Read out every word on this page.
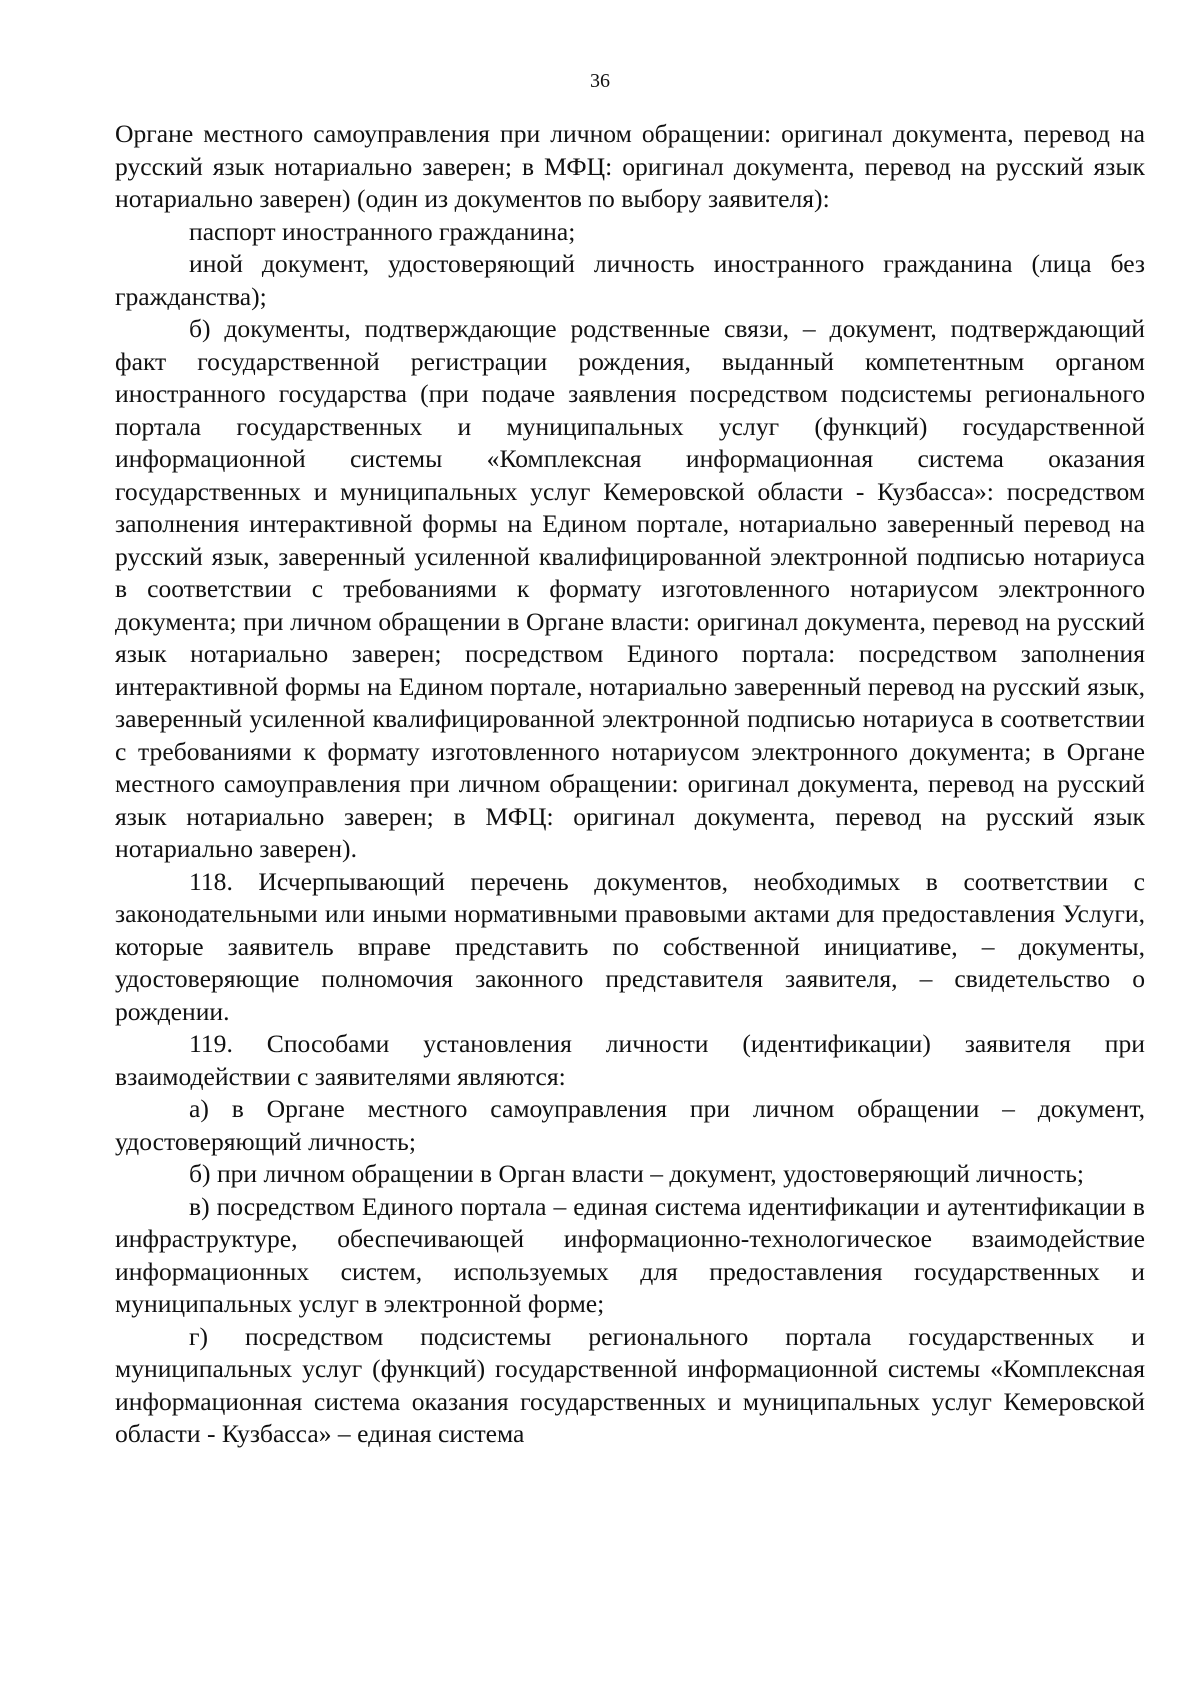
36

Органе местного самоуправления при личном обращении: оригинал документа, перевод на русский язык нотариально заверен; в МФЦ: оригинал документа, перевод на русский язык нотариально заверен) (один из документов по выбору заявителя):

паспорт иностранного гражданина;

иной документ, удостоверяющий личность иностранного гражданина (лица без гражданства);

б) документы, подтверждающие родственные связи, – документ, подтверждающий факт государственной регистрации рождения, выданный компетентным органом иностранного государства (при подаче заявления посредством подсистемы регионального портала государственных и муниципальных услуг (функций) государственной информационной системы «Комплексная информационная система оказания государственных и муниципальных услуг Кемеровской области - Кузбасса»: посредством заполнения интерактивной формы на Едином портале, нотариально заверенный перевод на русский язык, заверенный усиленной квалифицированной электронной подписью нотариуса в соответствии с требованиями к формату изготовленного нотариусом электронного документа; при личном обращении в Органе власти: оригинал документа, перевод на русский язык нотариально заверен; посредством Единого портала: посредством заполнения интерактивной формы на Едином портале, нотариально заверенный перевод на русский язык, заверенный усиленной квалифицированной электронной подписью нотариуса в соответствии с требованиями к формату изготовленного нотариусом электронного документа; в Органе местного самоуправления при личном обращении: оригинал документа, перевод на русский язык нотариально заверен; в МФЦ: оригинал документа, перевод на русский язык нотариально заверен).

118. Исчерпывающий перечень документов, необходимых в соответствии с законодательными или иными нормативными правовыми актами для предоставления Услуги, которые заявитель вправе представить по собственной инициативе, – документы, удостоверяющие полномочия законного представителя заявителя, – свидетельство о рождении.

119. Способами установления личности (идентификации) заявителя при взаимодействии с заявителями являются:

а) в Органе местного самоуправления при личном обращении – документ, удостоверяющий личность;

б) при личном обращении в Орган власти – документ, удостоверяющий личность;

в) посредством Единого портала – единая система идентификации и аутентификации в инфраструктуре, обеспечивающей информационно-технологическое взаимодействие информационных систем, используемых для предоставления государственных и муниципальных услуг в электронной форме;

г) посредством подсистемы регионального портала государственных и муниципальных услуг (функций) государственной информационной системы «Комплексная информационная система оказания государственных и муниципальных услуг Кемеровской области - Кузбасса» – единая система
